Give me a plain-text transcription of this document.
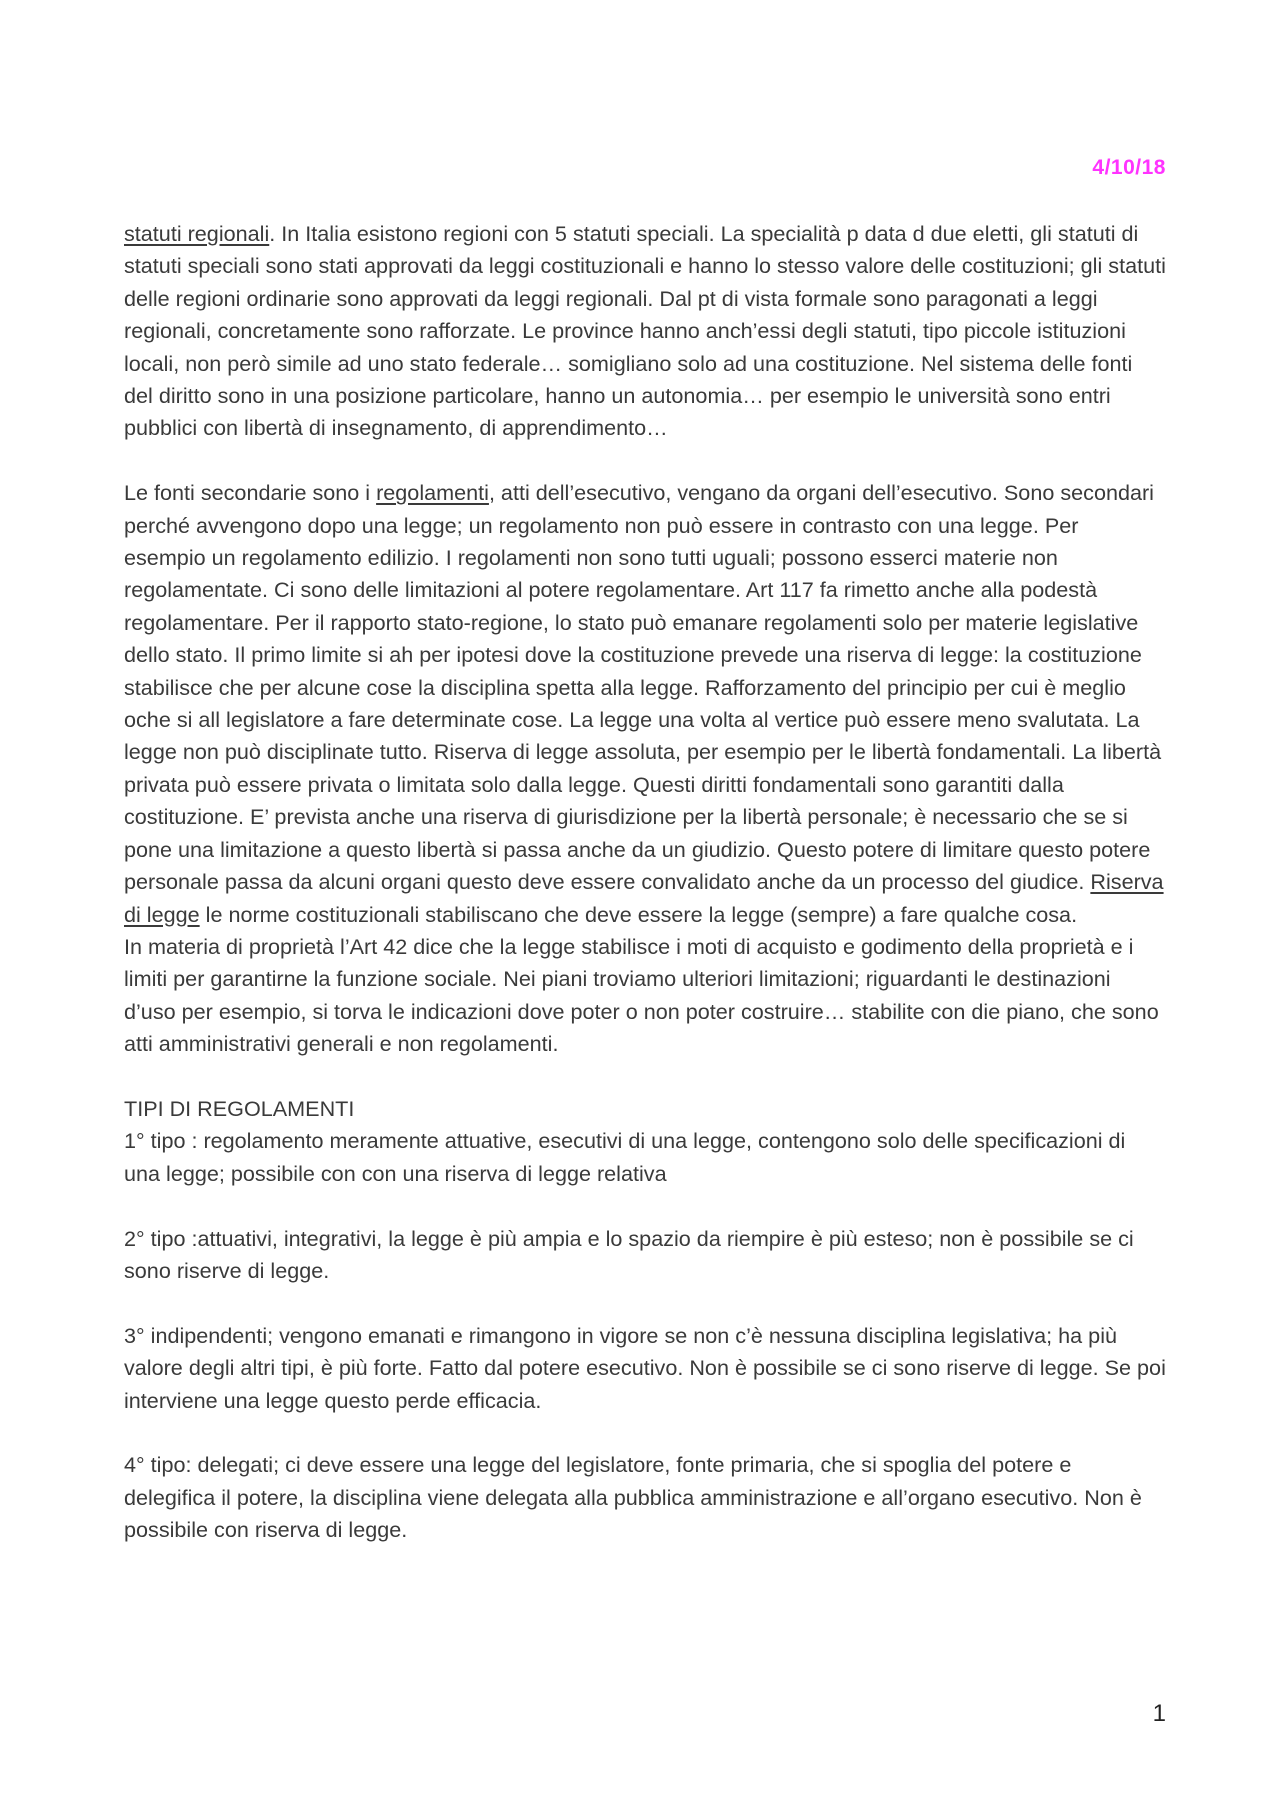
4/10/18

statuti regionali. In Italia esistono regioni con 5 statuti speciali. La specialità p data d due eletti, gli statuti di statuti speciali sono stati approvati da leggi costituzionali e hanno lo stesso valore delle costituzioni; gli statuti delle regioni ordinarie sono approvati da leggi regionali. Dal pt di vista formale sono paragonati a leggi regionali, concretamente sono rafforzate. Le province hanno anch’essi degli statuti, tipo piccole istituzioni locali, non però simile ad uno stato federale… somigliano solo ad una costituzione. Nel sistema delle fonti del diritto sono in una posizione particolare, hanno un autonomia… per esempio le università sono entri pubblici con libertà di insegnamento, di apprendimento…

Le fonti secondarie sono i regolamenti, atti dell’esecutivo, vengano da organi dell’esecutivo. Sono secondari perché avvengono dopo una legge; un regolamento non può essere in contrasto con una legge. Per esempio un regolamento edilizio. I regolamenti non sono tutti uguali; possono esserci materie non regolamentate. Ci sono delle limitazioni al potere regolamentare. Art 117 fa rimetto anche alla podestà regolamentare. Per il rapporto stato-regione, lo stato può emanare regolamenti solo per materie legislative dello stato. Il primo limite si ah per ipotesi dove la costituzione prevede una riserva di legge: la costituzione stabilisce che per alcune cose la disciplina spetta alla legge. Rafforzamento del principio per cui è meglio oche si all legislatore a fare determinate cose. La legge una volta al vertice può essere meno svalutata. La legge non può disciplinate tutto. Riserva di legge assoluta, per esempio per le libertà fondamentali. La libertà privata può essere privata o limitata solo dalla legge. Questi diritti fondamentali sono garantiti dalla costituzione. E’ prevista anche una riserva di giurisdizione per la libertà personale; è necessario che se si pone una limitazione a questo libertà si passa anche da un giudizio. Questo potere di limitare questo potere personale passa da alcuni organi questo deve essere convalidato anche da un processo del giudice. Riserva di legge le norme costituzionali stabiliscano che deve essere la legge (sempre) a fare qualche cosa.

In materia di proprietà l’Art 42 dice che la legge stabilisce i moti di acquisto e godimento della proprietà e i limiti per garantirne la funzione sociale. Nei piani troviamo ulteriori limitazioni; riguardanti le destinazioni d’uso per esempio, si torva le indicazioni dove poter o non poter costruire… stabilite con die piano, che sono atti amministrativi generali e non regolamenti.

TIPI DI REGOLAMENTI

1° tipo : regolamento meramente attuative, esecutivi di una legge, contengono solo delle specificazioni di una legge; possibile con con una riserva di legge relativa

2° tipo :attuativi, integrativi, la legge è più ampia e lo spazio da riempire è più esteso; non è possibile se ci sono riserve di legge.

3° indipendenti; vengono emanati e rimangono in vigore se non c’è nessuna disciplina legislativa; ha più valore degli altri tipi, è più forte. Fatto dal potere esecutivo. Non è possibile se ci sono riserve di legge. Se poi interviene una legge questo perde efficacia.

4° tipo: delegati; ci deve essere una legge del legislatore, fonte primaria, che si spoglia del potere e delegifica il potere, la disciplina viene delegata alla pubblica amministrazione e all’organo esecutivo. Non è possibile con riserva di legge.

1
